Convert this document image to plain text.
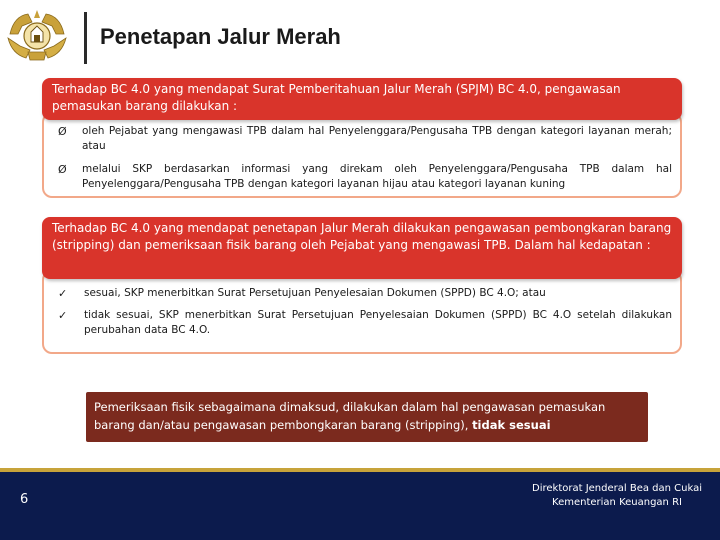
Penetapan Jalur Merah
Ø oleh Pejabat yang mengawasi TPB dalam hal Penyelenggara/Pengusaha TPB dengan kategori layanan merah; atau
Ø melalui SKP berdasarkan informasi yang direkam oleh Penyelenggara/Pengusaha TPB dalam hal Penyelenggara/Pengusaha TPB dengan kategori layanan hijau atau kategori layanan kuning
Terhadap BC 4.0 yang mendapat Surat Pemberitahuan Jalur Merah (SPJM) BC 4.0, pengawasan pemasukan barang dilakukan :
✓ sesuai, SKP menerbitkan Surat Persetujuan Penyelesaian Dokumen (SPPD) BC 4.O; atau
✓ tidak sesuai, SKP menerbitkan Surat Persetujuan Penyelesaian Dokumen (SPPD) BC 4.O setelah dilakukan perubahan data BC 4.O.
Terhadap BC 4.0 yang mendapat penetapan Jalur Merah dilakukan pengawasan pembongkaran barang (stripping) dan pemeriksaan fisik barang oleh Pejabat yang mengawasi TPB. Dalam hal kedapatan :
Pemeriksaan fisik sebagaimana dimaksud, dilakukan dalam hal pengawasan pemasukan barang dan/atau pengawasan pembongkaran barang (stripping), tidak sesuai
6
Direktorat Jenderal Bea dan Cukai
Kementerian Keuangan RI
